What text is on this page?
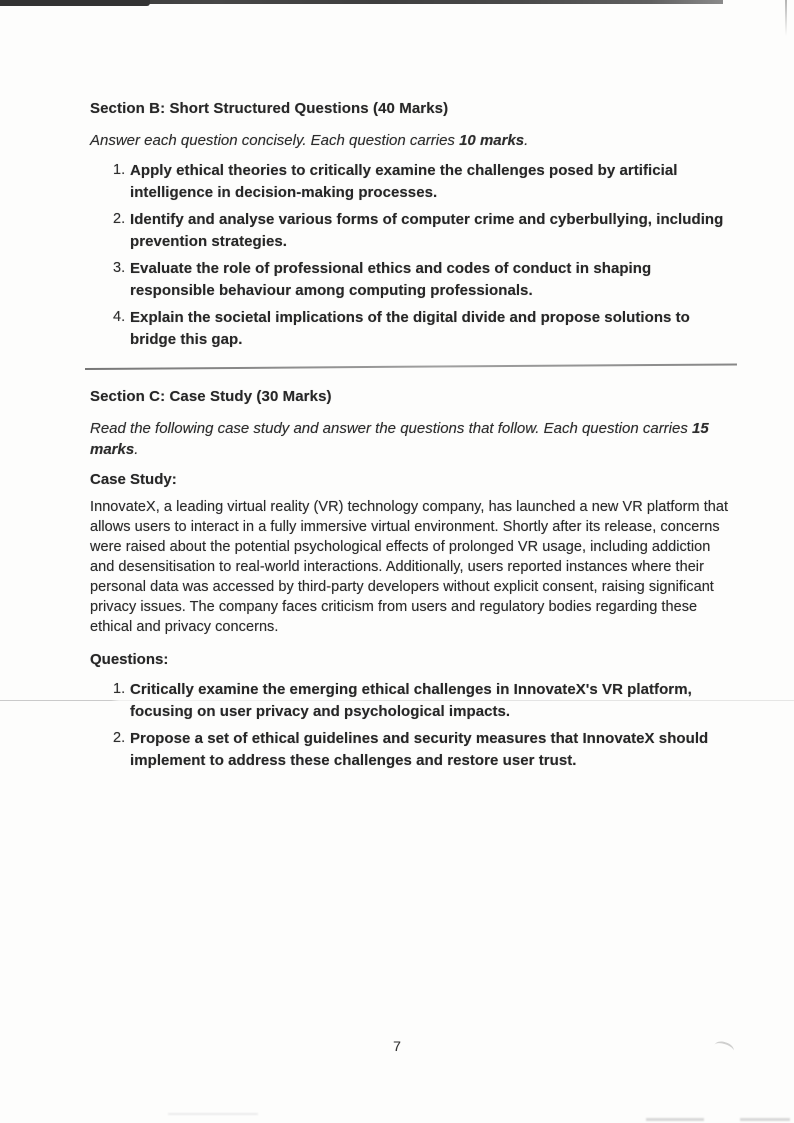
Section B: Short Structured Questions (40 Marks)
Answer each question concisely. Each question carries 10 marks.
1. Apply ethical theories to critically examine the challenges posed by artificial intelligence in decision-making processes.
2. Identify and analyse various forms of computer crime and cyberbullying, including prevention strategies.
3. Evaluate the role of professional ethics and codes of conduct in shaping responsible behaviour among computing professionals.
4. Explain the societal implications of the digital divide and propose solutions to bridge this gap.
Section C: Case Study (30 Marks)
Read the following case study and answer the questions that follow. Each question carries 15 marks.
Case Study:
InnovateX, a leading virtual reality (VR) technology company, has launched a new VR platform that allows users to interact in a fully immersive virtual environment. Shortly after its release, concerns were raised about the potential psychological effects of prolonged VR usage, including addiction and desensitisation to real-world interactions. Additionally, users reported instances where their personal data was accessed by third-party developers without explicit consent, raising significant privacy issues. The company faces criticism from users and regulatory bodies regarding these ethical and privacy concerns.
Questions:
1. Critically examine the emerging ethical challenges in InnovateX's VR platform, focusing on user privacy and psychological impacts.
2. Propose a set of ethical guidelines and security measures that InnovateX should implement to address these challenges and restore user trust.
7
